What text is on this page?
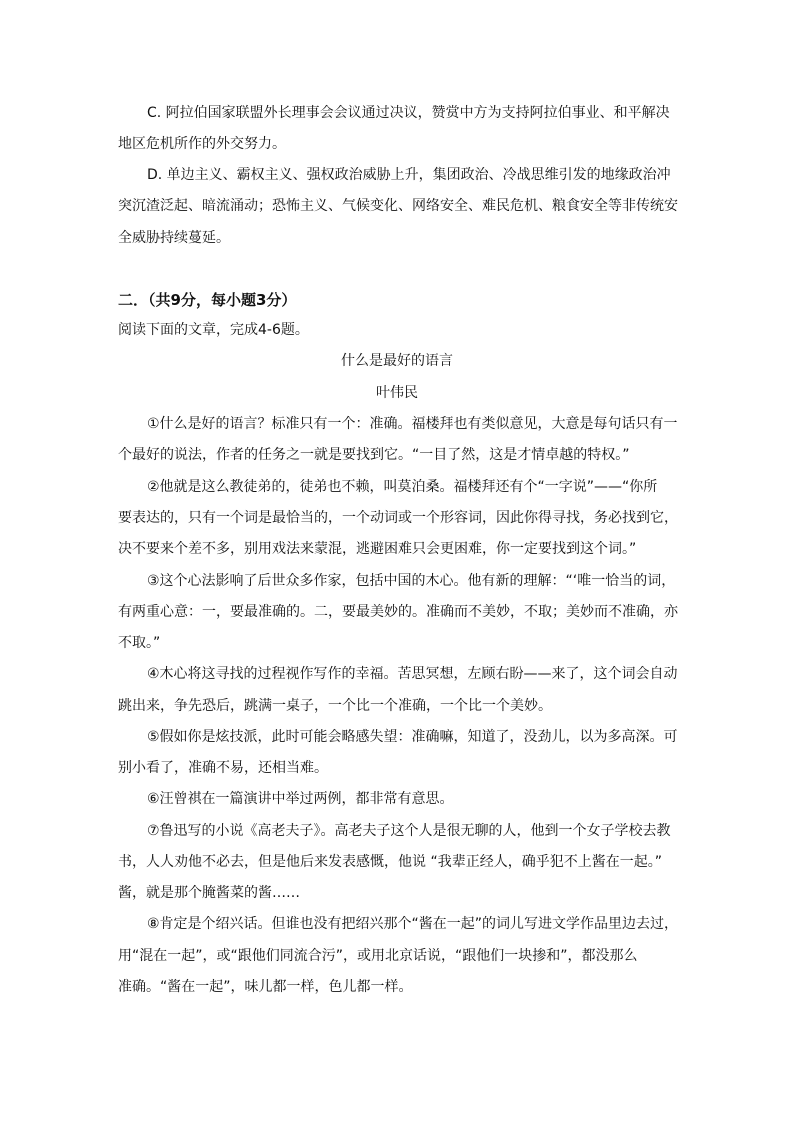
C. 阿拉伯国家联盟外长理事会会议通过决议，赞赏中方为支持阿拉伯事业、和平解决
地区危机所作的外交努力。
D. 单边主义、霸权主义、强权政治威胁上升，集团政治、冷战思维引发的地缘政治冲
突沉渣泛起、暗流涌动；恐怖主义、气候变化、网络安全、难民危机、粮食安全等非传统安
全威胁持续蔓延。
二．（共9分，每小题3分）
阅读下面的文章，完成4-6题。
什么是最好的语言
叶伟民
①什么是好的语言？标准只有一个：准确。福楼拜也有类似意见，大意是每句话只有一
个最好的说法，作者的任务之一就是要找到它。“一目了然，这是才情卓越的特权。”
②他就是这么教徒弟的，徒弟也不赖，叫莫泊桑。福楼拜还有个“一字说”——“你所
要表达的，只有一个词是最恰当的，一个动词或一个形容词，因此你得寻找，务必找到它，
决不要来个差不多，别用戏法来蒙混，逃避困难只会更困难，你一定要找到这个词。”
③这个心法影响了后世众多作家，包括中国的木心。他有新的理解：“‘唯一恰当的词，
有两重心意：一，要最准确的。二，要最美妙的。准确而不美妙，不取；美妙而不准确，亦
不取。”
④木心将这寻找的过程视作写作的幸福。苦思冥想，左顾右盼——来了，这个词会自动
跳出来，争先恐后，跳满一桌子，一个比一个准确，一个比一个美妙。
⑤假如你是炫技派，此时可能会略感失望：准确嘛，知道了，没劲儿，以为多高深。可
别小看了，准确不易，还相当难。
⑥汪曾祺在一篇演讲中举过两例，都非常有意思。
⑦鲁迅写的小说《高老夫子》。高老夫子这个人是很无聊的人，他到一个女子学校去教
书，人人劝他不必去，但是他后来发表感慨，他说 “我辈正经人，确乎犯不上酱在一起。”
酱，就是那个腌酱菜的酱……
⑧肯定是个绍兴话。但谁也没有把绍兴那个“酱在一起”的词儿写进文学作品里边去过，
用“混在一起”，或“跟他们同流合污”，或用北京话说，“跟他们一块掺和”，都没那么
准确。“酱在一起”，味儿都一样，色儿都一样。
